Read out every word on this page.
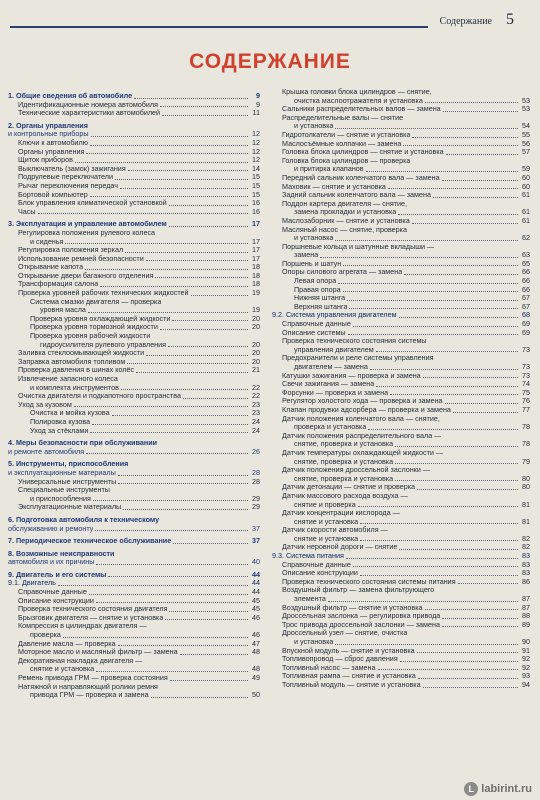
Содержание 5
СОДЕРЖАНИЕ
1. Общие сведения об автомобиле	9
Идентификационные номера автомобиля	9
Технические характеристики автомобилей	11
2. Органы управления
и контрольные приборы	12
Ключи к автомобилю	12
Органы управления	12
Щиток приборов	12
Выключатель (замок) зажигания	14
Подрулевые переключатели	15
Рычаг переключения передач	15
Бортовой компьютер	15
Блок управления климатической установкой	16
Часы	16
3. Эксплуатация и управление автомобилем	17
Регулировка положения рулевого колеса
и сиденья	17
Регулировка положения зеркал	17
Использование ремней безопасности	17
Открывание капота	18
Открывание двери багажного отделения	18
Трансформация салона	18
Проверка уровней рабочих технических жидкостей	19
Система смазки двигателя — проверка
уровня масла	19
Проверка уровня охлаждающей жидкости	20
Проверка уровня тормозной жидкости	20
Проверка уровня рабочей жидкости
гидроусилителя рулевого управления	20
Заливка стеклоомывающей жидкости	20
Заправка автомобиля топливом	20
Проверка давления в шинах колёс	21
Извлечение запасного колеса
и комплекта инструментов	22
Очистка двигателя и подкапотного пространства	22
Уход за кузовом	23
Очистка и мойка кузова	23
Полировка кузова	24
Уход за стёклами	24
4. Меры безопасности при обслуживании
и ремонте автомобиля	26
5. Инструменты, приспособления
и эксплуатационные материалы	28
Универсальные инструменты	28
Специальные инструменты
и приспособления	29
Эксплуатационные материалы	29
6. Подготовка автомобиля к техническому
обслуживанию и ремонту	37
7. Периодическое техническое обслуживание	37
8. Возможные неисправности
автомобиля и их причины	40
9. Двигатель и его системы	44
9.1. Двигатель	44
Справочные данные	44
Описание конструкции	45
Проверка технического состояния двигателя	45
Брызговик двигателя — снятие и установка	46
Компрессия в цилиндрах двигателя —
проверка	46
Давление масла — проверка	47
Моторное масло и масляный фильтр — замена	48
Декоративная накладка двигателя —
снятие и установка	48
Ремень привода ГРМ — проверка состояния	49
Натяжной и направляющий ролики ремня
привода ГРМ — проверка и замена	50
Крышка головки блока цилиндров — снятие,
очистка маслоотражателя и установка	53
Сальники распределительных валов — замена	53
Распределительные валы — снятие
и установка	54
Гидротолкатели — снятие и установка	55
Маслосъёмные колпачки — замена	56
Головка блока цилиндров — снятие и установка	57
Головка блока цилиндров — проверка
и притирка клапанов	59
Передний сальник коленчатого вала — замена	60
Маховик — снятие и установка	60
Задний сальник коленчатого вала — замена	61
Поддон картера двигателя — снятие,
замена прокладки и установка	61
Маслозаборник — снятие и установка	61
Масляный насос — снятие, проверка
и установка	62
Поршневые кольца и шатунные вкладыши —
замена	63
Поршень и шатун	65
Опоры силового агрегата — замена	66
Левая опора	66
Правая опора	66
Нижняя штанга	67
Верхняя штанга	67
9.2. Система управления двигателем	68
Справочные данные	69
Описание системы	69
Проверка технического состояния системы
управления двигателем	73
Предохранители и реле системы управления
двигателем — замена	73
Катушки зажигания — проверка и замена	73
Свечи зажигания — замена	74
Форсунки — проверка и замена	75
Регулятор холостого хода — проверка и замена	76
Клапан продувки адсорбера — проверка и замена	77
Датчик положения коленчатого вала — снятие,
проверка и установка	78
Датчик положения распределительного вала —
снятие, проверка и установка	78
Датчик температуры охлаждающей жидкости —
снятие, проверка и установка	79
Датчик положения дроссельной заслонки —
снятие, проверка и установка	80
Датчик детонации — снятие и проверка	80
Датчик массового расхода воздуха —
снятие и проверка	81
Датчик концентрации кислорода —
снятие и установка	81
Датчик скорости автомобиля —
снятие и установка	82
Датчик неровной дороги — снятие	82
9.3. Система питания	83
Справочные данные	83
Описание конструкции	83
Проверка технического состояния системы питания	86
Воздушный фильтр — замена фильтрующего
элемента	87
Воздушный фильтр — снятие и установка	87
Дроссельная заслонка — регулировка привода	88
Трос привода дроссельной заслонки — замена	89
Дроссельный узел — снятие, очистка
и установка	90
Впускной модуль — снятие и установка	91
Топливопровод — сброс давления	92
Топливный насос — замена	92
Топливная рампа — снятие и установка	93
Топливный модуль — снятие и установка	94
L labirint.ru
